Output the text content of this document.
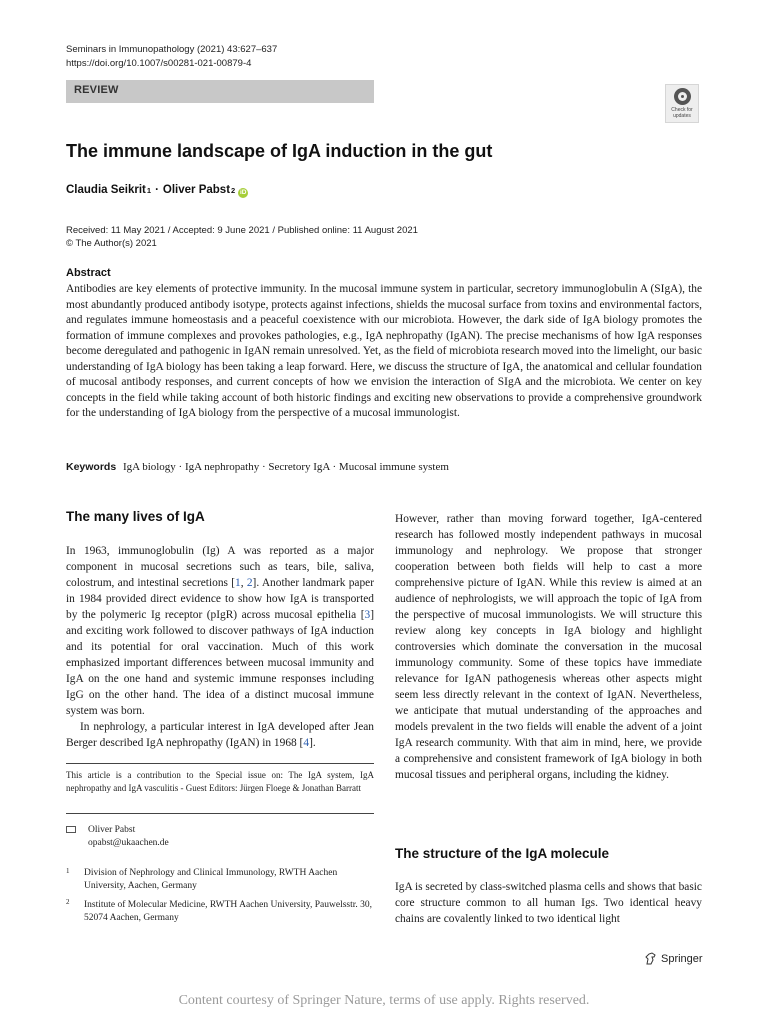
Seminars in Immunopathology (2021) 43:627–637
https://doi.org/10.1007/s00281-021-00879-4
REVIEW
Check for updates
The immune landscape of IgA induction in the gut
Claudia Seikrit 1 · Oliver Pabst 2 iD
Received: 11 May 2021 / Accepted: 9 June 2021 / Published online: 11 August 2021
© The Author(s) 2021
Abstract
Antibodies are key elements of protective immunity. In the mucosal immune system in particular, secretory immunoglobulin A (SIgA), the most abundantly produced antibody isotype, protects against infections, shields the mucosal surface from toxins and environmental factors, and regulates immune homeostasis and a peaceful coexistence with our microbiota. However, the dark side of IgA biology promotes the formation of immune complexes and provokes pathologies, e.g., IgA nephropathy (IgAN). The precise mechanisms of how IgA responses become deregulated and pathogenic in IgAN remain unresolved. Yet, as the field of microbiota research moved into the limelight, our basic understanding of IgA biology has been taking a leap forward. Here, we discuss the structure of IgA, the anatomical and cellular foundation of mucosal antibody responses, and current concepts of how we envision the interaction of SIgA and the microbiota. We center on key concepts in the field while taking account of both historic findings and exciting new observations to provide a comprehensive groundwork for the understanding of IgA biology from the perspective of a mucosal immunologist.
Keywords IgA biology · IgA nephropathy · Secretory IgA · Mucosal immune system
The many lives of IgA

In 1963, immunoglobulin (Ig) A was reported as a major component in mucosal secretions such as tears, bile, saliva, colostrum, and intestinal secretions [1, 2]. Another landmark paper in 1984 provided direct evidence to show how IgA is transported by the polymeric Ig receptor (pIgR) across mucosal epithelia [3] and exciting work followed to discover pathways of IgA induction and its potential for oral vaccination. Much of this work emphasized important differences between mucosal immunity and IgA on the one hand and systemic immune responses including IgG on the other hand. The idea of a distinct mucosal immune system was born.

In nephrology, a particular interest in IgA developed after Jean Berger described IgA nephropathy (IgAN) in 1968 [4].

This article is a contribution to the Special issue on: The IgA system, IgA nephropathy and IgA vasculitis - Guest Editors: Jürgen Floege & Jonathan Barratt
Oliver Pabst
opabst@ukaachen.de
1 Division of Nephrology and Clinical Immunology, RWTH Aachen University, Aachen, Germany
2 Institute of Molecular Medicine, RWTH Aachen University, Pauwelsstr. 30, 52074 Aachen, Germany

However, rather than moving forward together, IgA-centered research has followed mostly independent pathways in mucosal immunology and nephrology. We propose that stronger cooperation between both fields will help to cast a more comprehensive picture of IgAN. While this review is aimed at an audience of nephrologists, we will approach the topic of IgA from the perspective of mucosal immunologists. We will structure this review along key concepts in IgA biology and highlight controversies which dominate the conversation in the mucosal immunology community. Some of these topics have immediate relevance for IgAN pathogenesis whereas other aspects might seem less directly relevant in the context of IgAN. Nevertheless, we anticipate that mutual understanding of the approaches and models prevalent in the two fields will enable the advent of a joint IgA research community. With that aim in mind, here, we provide a comprehensive and consistent framework of IgA biology in both mucosal tissues and peripheral organs, including the kidney.

The structure of the IgA molecule

IgA is secreted by class-switched plasma cells and shows that basic core structure common to all human Igs. Two identical heavy chains are covalently linked to two identical light

Springer
Content courtesy of Springer Nature, terms of use apply. Rights reserved.
